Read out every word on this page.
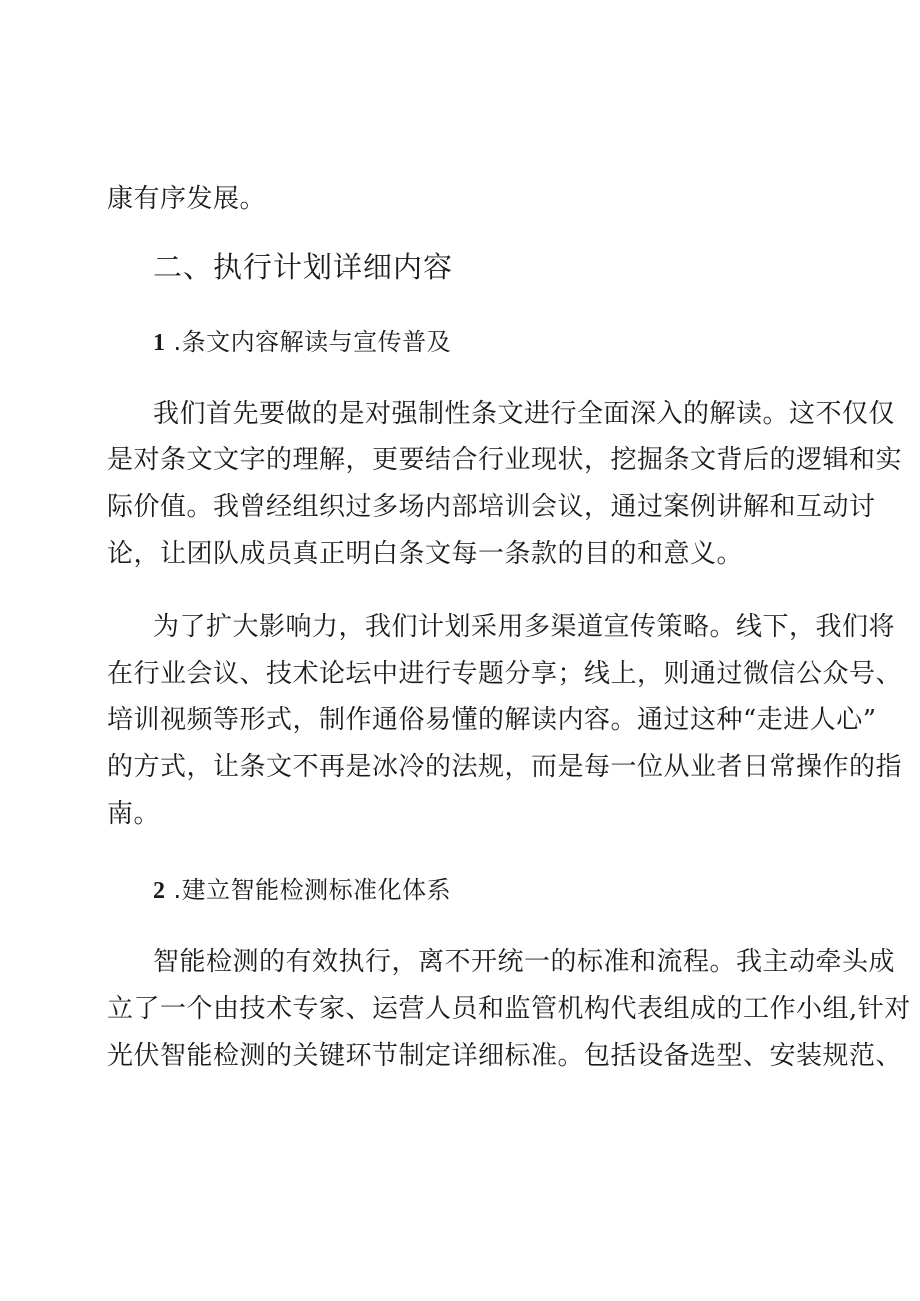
康有序发展。

二、执行计划详细内容
1 .条文内容解读与宣传普及

我们首先要做的是对强制性条文进行全面深入的解读。这不仅仅

是对条文文字的理解，更要结合行业现状，挖掘条文背后的逻辑和实

际价值。我曾经组织过多场内部培训会议，通过案例讲解和互动讨

论，让团队成员真正明白条文每一条款的目的和意义。

为了扩大影响力，我们计划采用多渠道宣传策略。线下，我们将

在行业会议、技术论坛中进行专题分享；线上，则通过微信公众号、

培训视频等形式，制作通俗易懂的解读内容。通过这种“走进人心”

的方式，让条文不再是冰冷的法规，而是每一位从业者日常操作的指

南。

2 .建立智能检测标准化体系

智能检测的有效执行，离不开统一的标准和流程。我主动牵头成

立了一个由技术专家、运营人员和监管机构代表组成的工作小组,针对

光伏智能检测的关键环节制定详细标准。包括设备选型、安装规范、
